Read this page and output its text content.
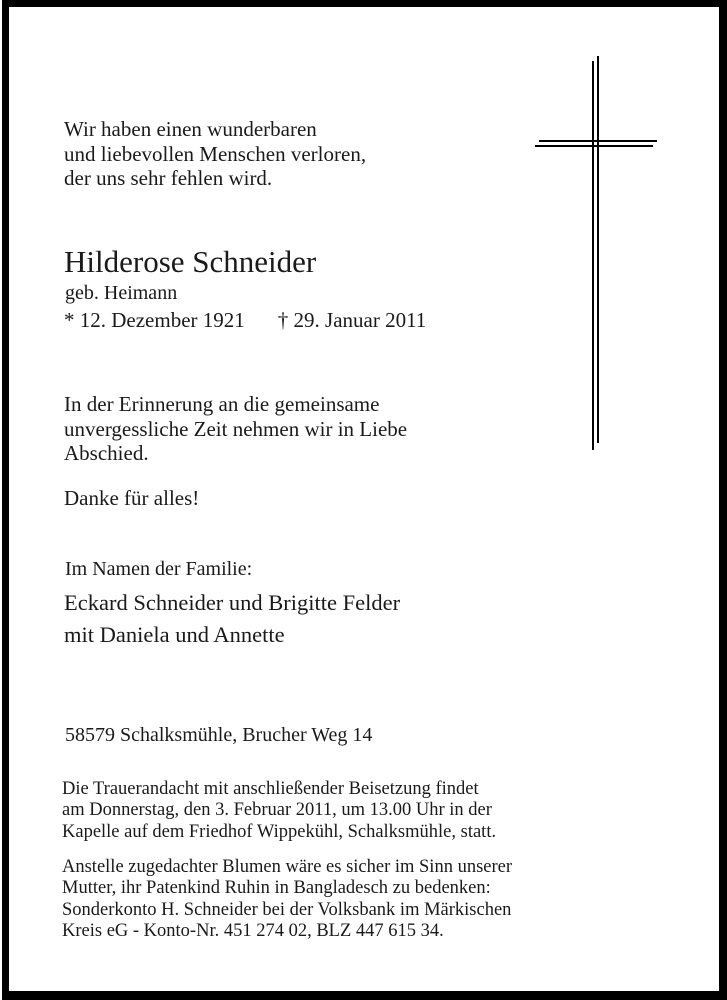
Wir haben einen wunderbaren
und liebevollen Menschen verloren,
der uns sehr fehlen wird.
Hilderose Schneider
geb. Heimann
* 12. Dezember 1921 † 29. Januar 2011
In der Erinnerung an die gemeinsame
unvergessliche Zeit nehmen wir in Liebe
Abschied.
Danke für alles!
Im Namen der Familie:
Eckard Schneider und Brigitte Felder
mit Daniela und Annette
58579 Schalksmühle, Brucher Weg 14
Die Trauerandacht mit anschließender Beisetzung findet
am Donnerstag, den 3. Februar 2011, um 13.00 Uhr in der
Kapelle auf dem Friedhof Wippekühl, Schalksmühle, statt.
Anstelle zugedachter Blumen wäre es sicher im Sinn unserer
Mutter, ihr Patenkind Ruhin in Bangladesch zu bedenken:
Sonderkonto H. Schneider bei der Volksbank im Märkischen
Kreis eG - Konto-Nr. 451 274 02, BLZ 447 615 34.
